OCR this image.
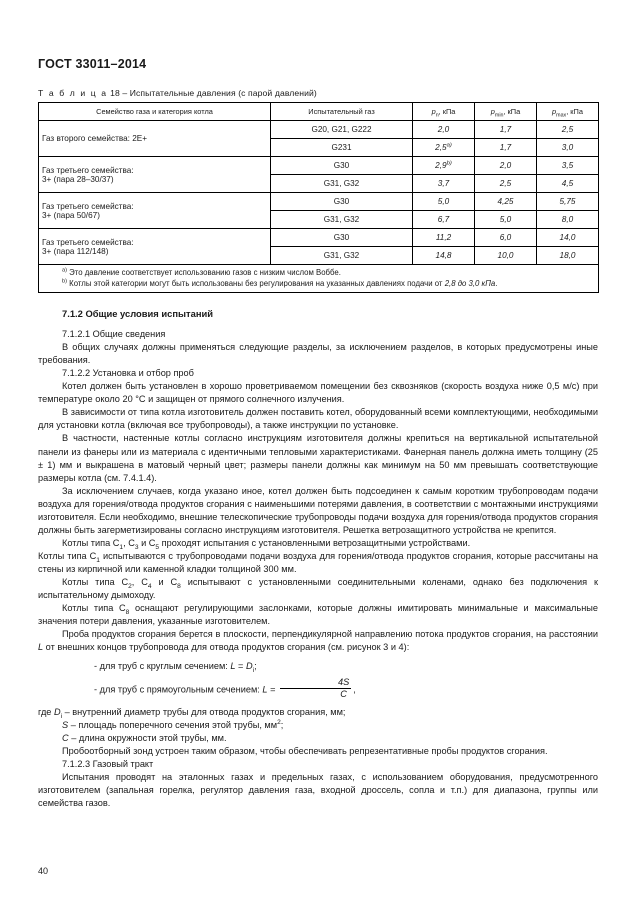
ГОСТ 33011–2014
Т а б л и ц а 18 – Испытательные давления (с парой давлений)
Семейство газа и категория котла	Испытательный газ	$p_n$, кПа	$p_{min}$, кПа	$p_{max}$, кПа
Газ второго семейства: 2Е+	G20, G21, G222	2,0	1,7	2,5
	G231	2,5$^{a)}$	1,7	3,0

Газ третьего семейства:
3+ (пара 28–30/37)	G30	2,9$^{b)}$	2,0	3,5
	G31, G32	3,7	2,5	4,5

Газ третьего семейства:
3+ (пара 50/67)	G30	5,0	4,25	5,75
	G31, G32	6,7	5,0	8,0

Газ третьего семейства:
3+ (пара 112/148)	G30	11,2	6,0	14,0
	G31, G32	14,8	10,0	18,0

$^{a)}$ Это давление соответствует использованию газов с низким числом Воббе.
$^{b)}$ Котлы этой категории могут быть использованы без регулирования на указанных давлениях подачи от 2,8 до 3,0 кПа.				
7.1.2 Общие условия испытаний

7.1.2.1 Общие сведения

В общих случаях должны применяться следующие разделы, за исключением разделов, в которых предусмотрены иные требования.

7.1.2.2 Установка и отбор проб

Котел должен быть установлен в хорошо проветриваемом помещении без сквозняков (скорость воздуха ниже 0,5 м/с) при температуре около 20 °С и защищен от прямого солнечного излучения.

В зависимости от типа котла изготовитель должен поставить котел, оборудованный всеми комплектующими, необходимыми для установки котла (включая все трубопроводы), а также инструкции по установке.

В частности, настенные котлы согласно инструкциям изготовителя должны крепиться на вертикальной испытательной панели из фанеры или из материала с идентичными тепловыми характеристиками. Фанерная панель должна иметь толщину (25 ± 1) мм и выкрашена в матовый черный цвет; размеры панели должны как минимум на 50 мм превышать соответствующие размеры котла (см. 7.4.1.4).

За исключением случаев, когда указано иное, котел должен быть подсоединен к самым коротким трубопроводам подачи воздуха для горения/отвода продуктов сгорания с наименьшими потерями давления, в соответствии с монтажными инструкциями изготовителя. Если необходимо, внешние телескопические трубопроводы подачи воздуха для горения/отвода продуктов сгорания должны быть загерметизированы согласно инструкциям изготовителя. Решетка ветрозащитного устройства не крепится.

Котлы типа $С_1$, $С_3$ и $С_5$ проходят испытания с установленными ветрозащитными устройствами.

Котлы типа $С_1$ испытываются с трубопроводами подачи воздуха для горения/отвода продуктов сгорания, которые рассчитаны на стены из кирпичной или каменной кладки толщиной 300 мм.

Котлы типа $С_2$, $С_4$ и $С_8$ испытывают с установленными соединительными коленами, однако без подключения к испытательному дымоходу.

Котлы типа $С_8$ оснащают регулирующими заслонками, которые должны имитировать минимальные и максимальные значения потери давления, указанные изготовителем.

Проба продуктов сгорания берется в плоскости, перпендикулярной направлению потока продуктов сгорания, на расстоянии L от внешних концов трубопровода для отвода продуктов сгорания (см. рисунок 3 и 4):

- для труб с круглым сечением: $L = D_i$;

- для труб с прямоугольным сечением: $L = \frac{4S}{C}$ ,

где $D_i$ – внутренний диаметр трубы для отвода продуктов сгорания, мм;

S – площадь поперечного сечения этой трубы, $мм^2$;

C – длина окружности этой трубы, мм.

Пробоотборный зонд устроен таким образом, чтобы обеспечивать репрезентативные пробы продуктов сгорания.

7.1.2.3 Газовый тракт

Испытания проводят на эталонных газах и предельных газах, с использованием оборудования, предусмотренного изготовителем (запальная горелка, регулятор давления газа, входной дроссель, сопла и т.п.) для диапазона, группы или семейства газов.

40
